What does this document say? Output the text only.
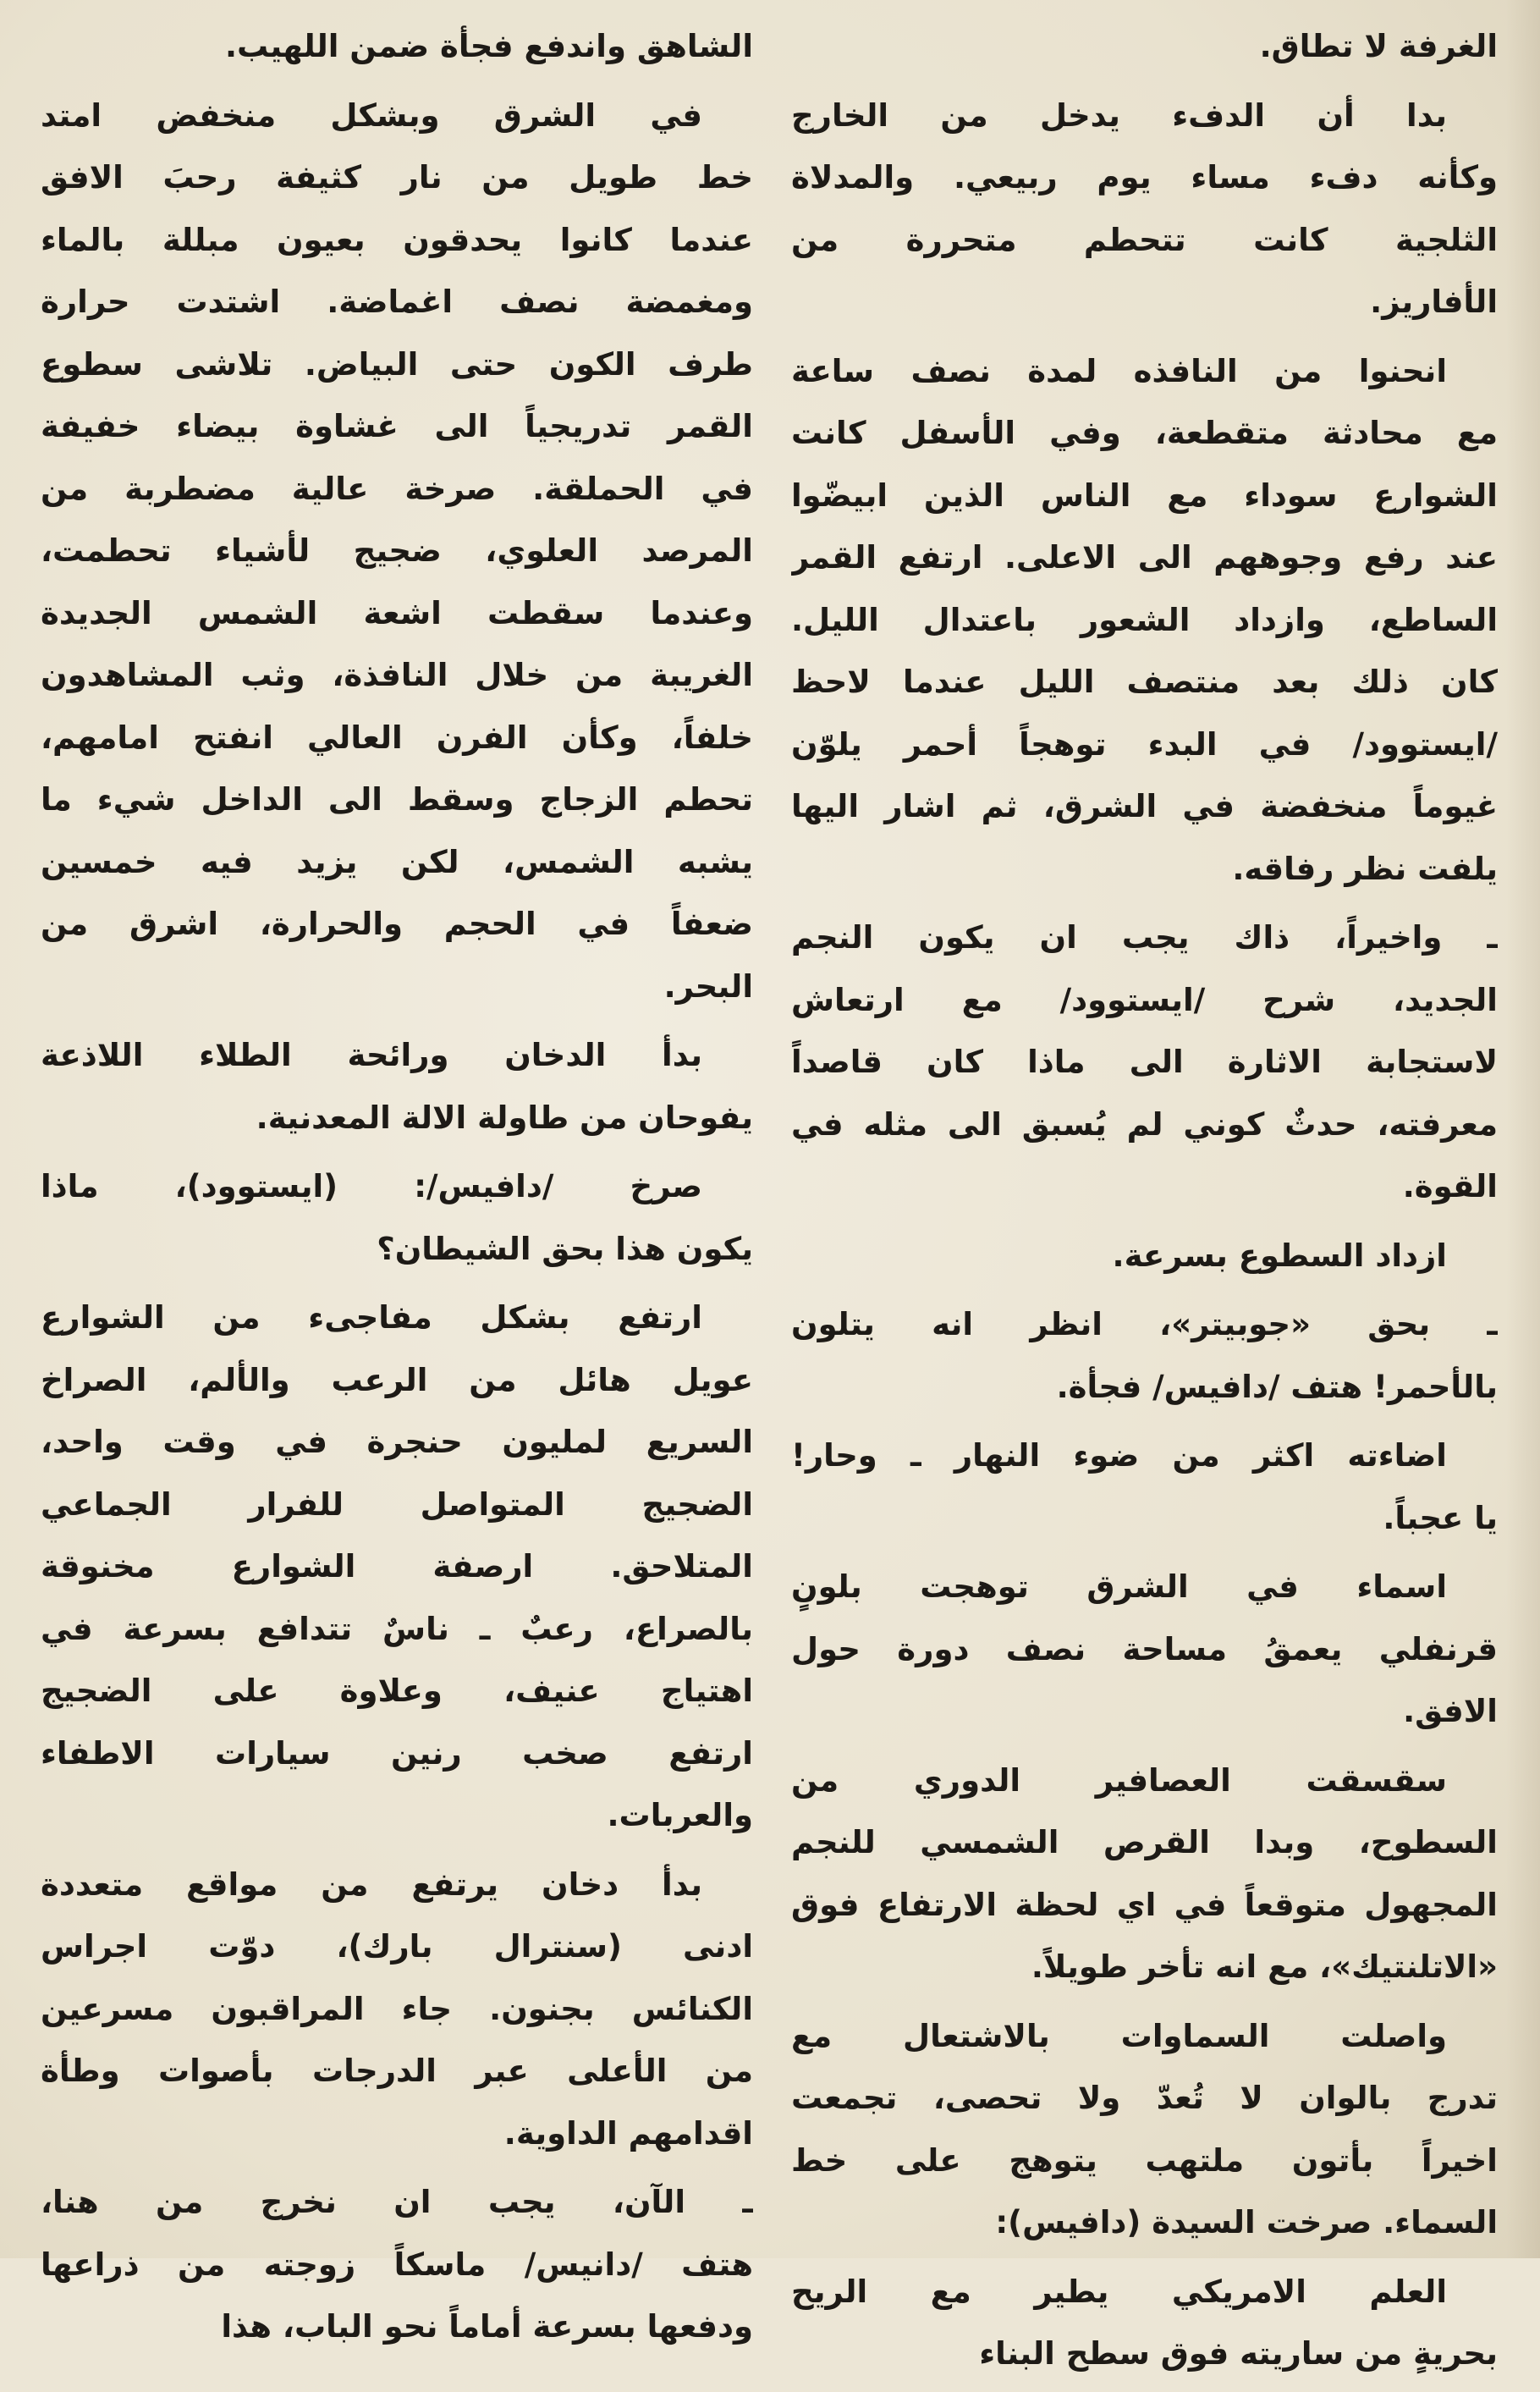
الغرفة لا تطاق.
بدا أن الدفء يدخل من الخارج
وكأنه دفء مساء يوم ربيعي. والمدلاة
الثلجية كانت تتحطم متحررة من
الأفاريز.
انحنوا من النافذه لمدة نصف ساعة
مع محادثة متقطعة، وفي الأسفل كانت
الشوارع سوداء مع الناس الذين ابيضّوا
عند رفع وجوههم الى الاعلى. ارتفع القمر
الساطع، وازداد الشعور باعتدال الليل.
كان ذلك بعد منتصف الليل عندما لاحظ
/ايستوود/ في البدء توهجاً أحمر يلوّن
غيوماً منخفضة في الشرق، ثم اشار اليها
يلفت نظر رفاقه.
ـ واخيراً، ذاك يجب ان يكون النجم
الجديد، شرح /ايستوود/ مع ارتعاش
لاستجابة الاثارة الى ماذا كان قاصداً
معرفته، حدثٌ كوني لم يُسبق الى مثله في
القوة.
ازداد السطوع بسرعة.
ـ بحق «جوبيتر»، انظر انه يتلون
بالأحمر! هتف /دافيس/ فجأة.
اضاءته اكثر من ضوء النهار ـ وحار!
يا عجباً.
اسماء في الشرق توهجت بلونٍ
قرنفلي يعمقُ مساحة نصف دورة حول
الافق.
سقسقت العصافير الدوري من
السطوح، وبدا القرص الشمسي للنجم
المجهول متوقعاً في اي لحظة الارتفاع فوق
«الاتلنتيك»، مع انه تأخر طويلاً.
واصلت السماوات بالاشتعال مع
تدرج بالوان لا تُعدّ ولا تحصى، تجمعت
اخيراً بأتون ملتهب يتوهج على خط
السماء. صرخت السيدة (دافيس):
العلم الامريكي يطير مع الريح
بحريةٍ من ساريته فوق سطح البناء
الشاهق واندفع فجأة ضمن اللهيب.
في الشرق وبشكل منخفض امتد
خط طويل من نار كثيفة رحبَ الافق
عندما كانوا يحدقون بعيون مبللة بالماء
ومغمضة نصف اغماضة. اشتدت حرارة
طرف الكون حتى البياض. تلاشى سطوع
القمر تدريجياً الى غشاوة بيضاء خفيفة
في الحملقة. صرخة عالية مضطربة من
المرصد العلوي، ضجيج لأشياء تحطمت،
وعندما سقطت اشعة الشمس الجديدة
الغريبة من خلال النافذة، وثب المشاهدون
خلفاً، وكأن الفرن العالي انفتح امامهم،
تحطم الزجاج وسقط الى الداخل شيء ما
يشبه الشمس، لكن يزيد فيه خمسين
ضعفاً في الحجم والحرارة، اشرق من
البحر.
بدأ الدخان ورائحة الطلاء اللاذعة
يفوحان من طاولة الالة المعدنية.
صرخ /دافيس/: (ايستوود)، ماذا
يكون هذا بحق الشيطان؟
ارتفع بشكل مفاجىء من الشوارع
عويل هائل من الرعب والألم، الصراخ
السريع لمليون حنجرة في وقت واحد،
الضجيج المتواصل للفرار الجماعي
المتلاحق. ارصفة الشوارع مخنوقة
بالصراع، رعبٌ ـ ناسٌ تتدافع بسرعة في
اهتياج عنيف، وعلاوة على الضجيج
ارتفع صخب رنين سيارات الاطفاء
والعربات.
بدأ دخان يرتفع من مواقع متعددة
ادنى (سنترال بارك)، دوّت اجراس
الكنائس بجنون. جاء المراقبون مسرعين
من الأعلى عبر الدرجات بأصوات وطأة
اقدامهم الداوية.
ـ الآن، يجب ان نخرج من هنا،
هتف /دانيس/ ماسكاً زوجته من ذراعها
ودفعها بسرعة أماماً نحو الباب، هذا
